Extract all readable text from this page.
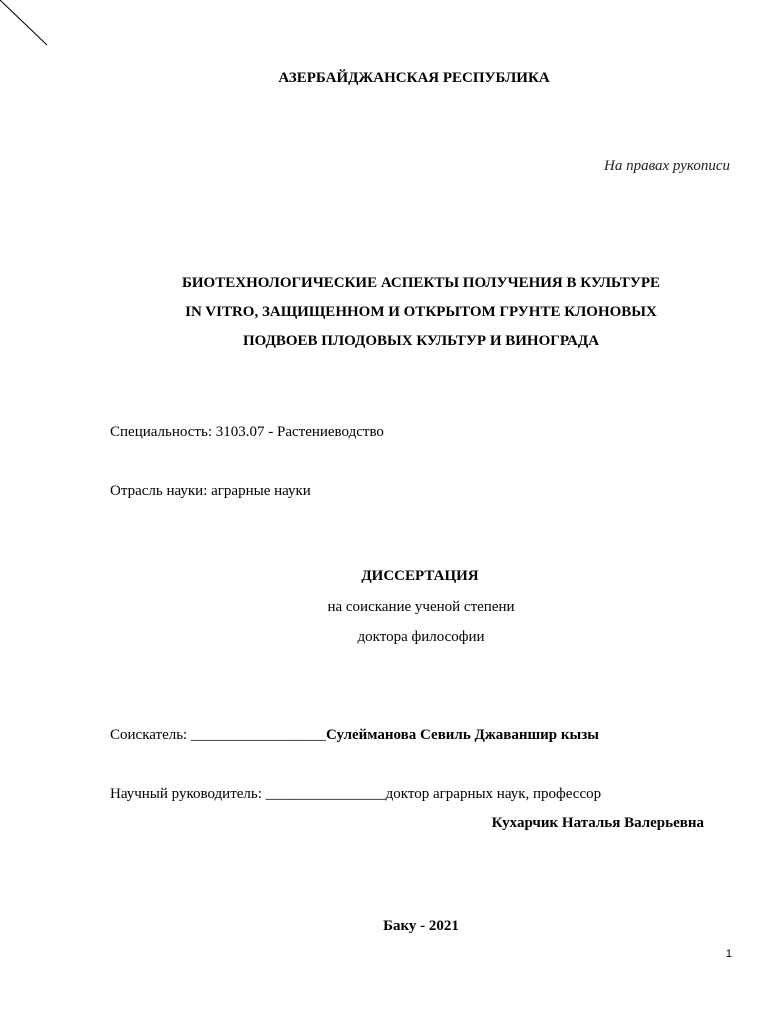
АЗЕРБАЙДЖАНСКАЯ РЕСПУБЛИКА
На правах рукописи
БИОТЕХНОЛОГИЧЕСКИЕ АСПЕКТЫ ПОЛУЧЕНИЯ В КУЛЬТУРЕ
IN VITRO, ЗАЩИЩЕННОМ И ОТКРЫТОМ ГРУНТЕ КЛОНОВЫХ
ПОДВОЕВ ПЛОДОВЫХ КУЛЬТУР И ВИНОГРАДА
Специальность: 3103.07 - Растениеводство
Отрасль науки: аграрные науки
ДИССЕРТАЦИЯ
на соискание ученой степени
доктора философии
Соискатель: __________________Сулейманова Севиль Джаваншир кызы
Научный руководитель: ________________доктор аграрных наук, профессор
Кухарчик Наталья Валерьевна
Баку - 2021
1
